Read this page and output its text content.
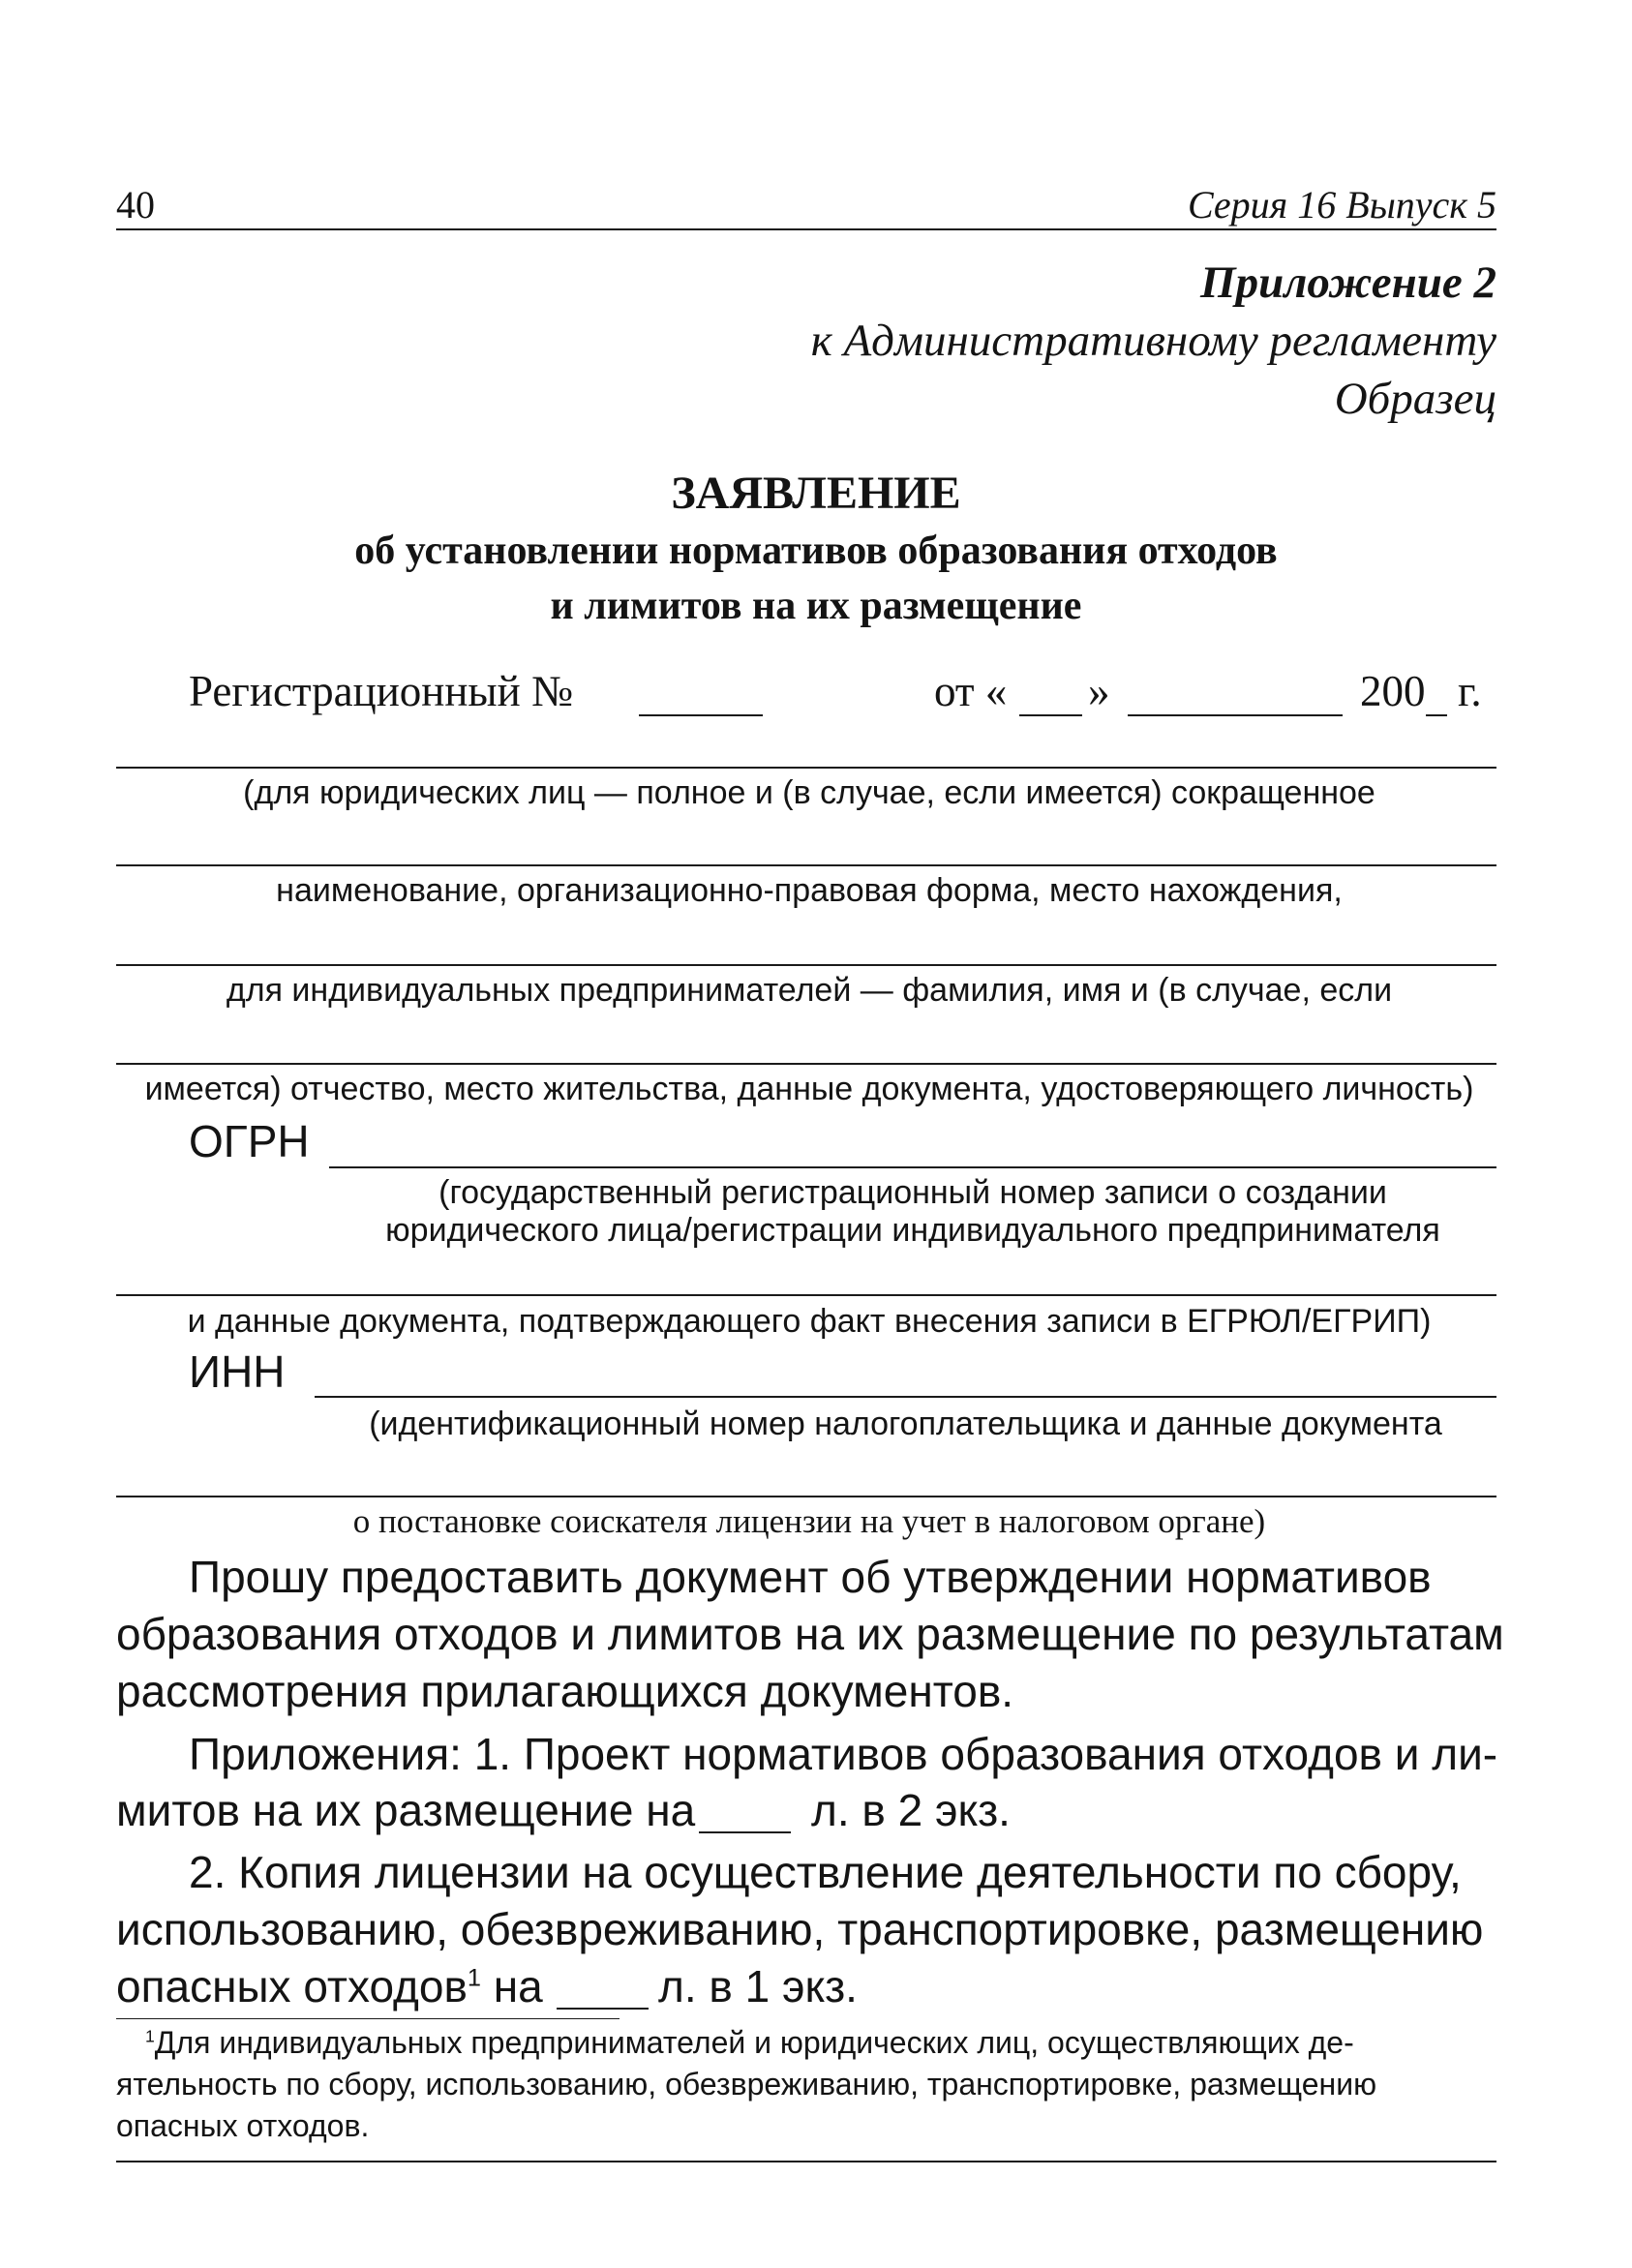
40	Серия 16 Выпуск 5
Приложение 2
к Административному регламенту
Образец
ЗАЯВЛЕНИЕ
об установлении нормативов образования отходов
и лимитов на их размещение
Регистрационный №	от « »	200 г.
(для юридических лиц — полное и (в случае, если имеется) сокращенное
наименование, организационно-правовая форма, место нахождения,
для индивидуальных предпринимателей — фамилия, имя и (в случае, если
имеется) отчество, место жительства, данные документа, удостоверяющего личность)
ОГРН
(государственный регистрационный номер записи о создании
юридического лица/регистрации индивидуального предпринимателя
и данные документа, подтверждающего факт внесения записи в ЕГРЮЛ/ЕГРИП)
ИНН
(идентификационный номер налогоплательщика и данные документа
о постановке соискателя лицензии на учет в налоговом органе)
Прошу предоставить документ об утверждении нормативов
образования отходов и лимитов на их размещение по результатам
рассмотрения прилагающихся документов.
Приложения: 1. Проект нормативов образования отходов и ли-
митов на их размещение на	л. в 2 экз.
2. Копия лицензии на осуществление деятельности по сбору,
использованию, обезвреживанию, транспортировке, размещению
опасных отходов$^1$ на	л. в 1 экз.
$^1$Для индивидуальных предпринимателей и юридических лиц, осуществляющих де-
ятельность по сбору, использованию, обезвреживанию, транспортировке, размещению
опасных отходов.
